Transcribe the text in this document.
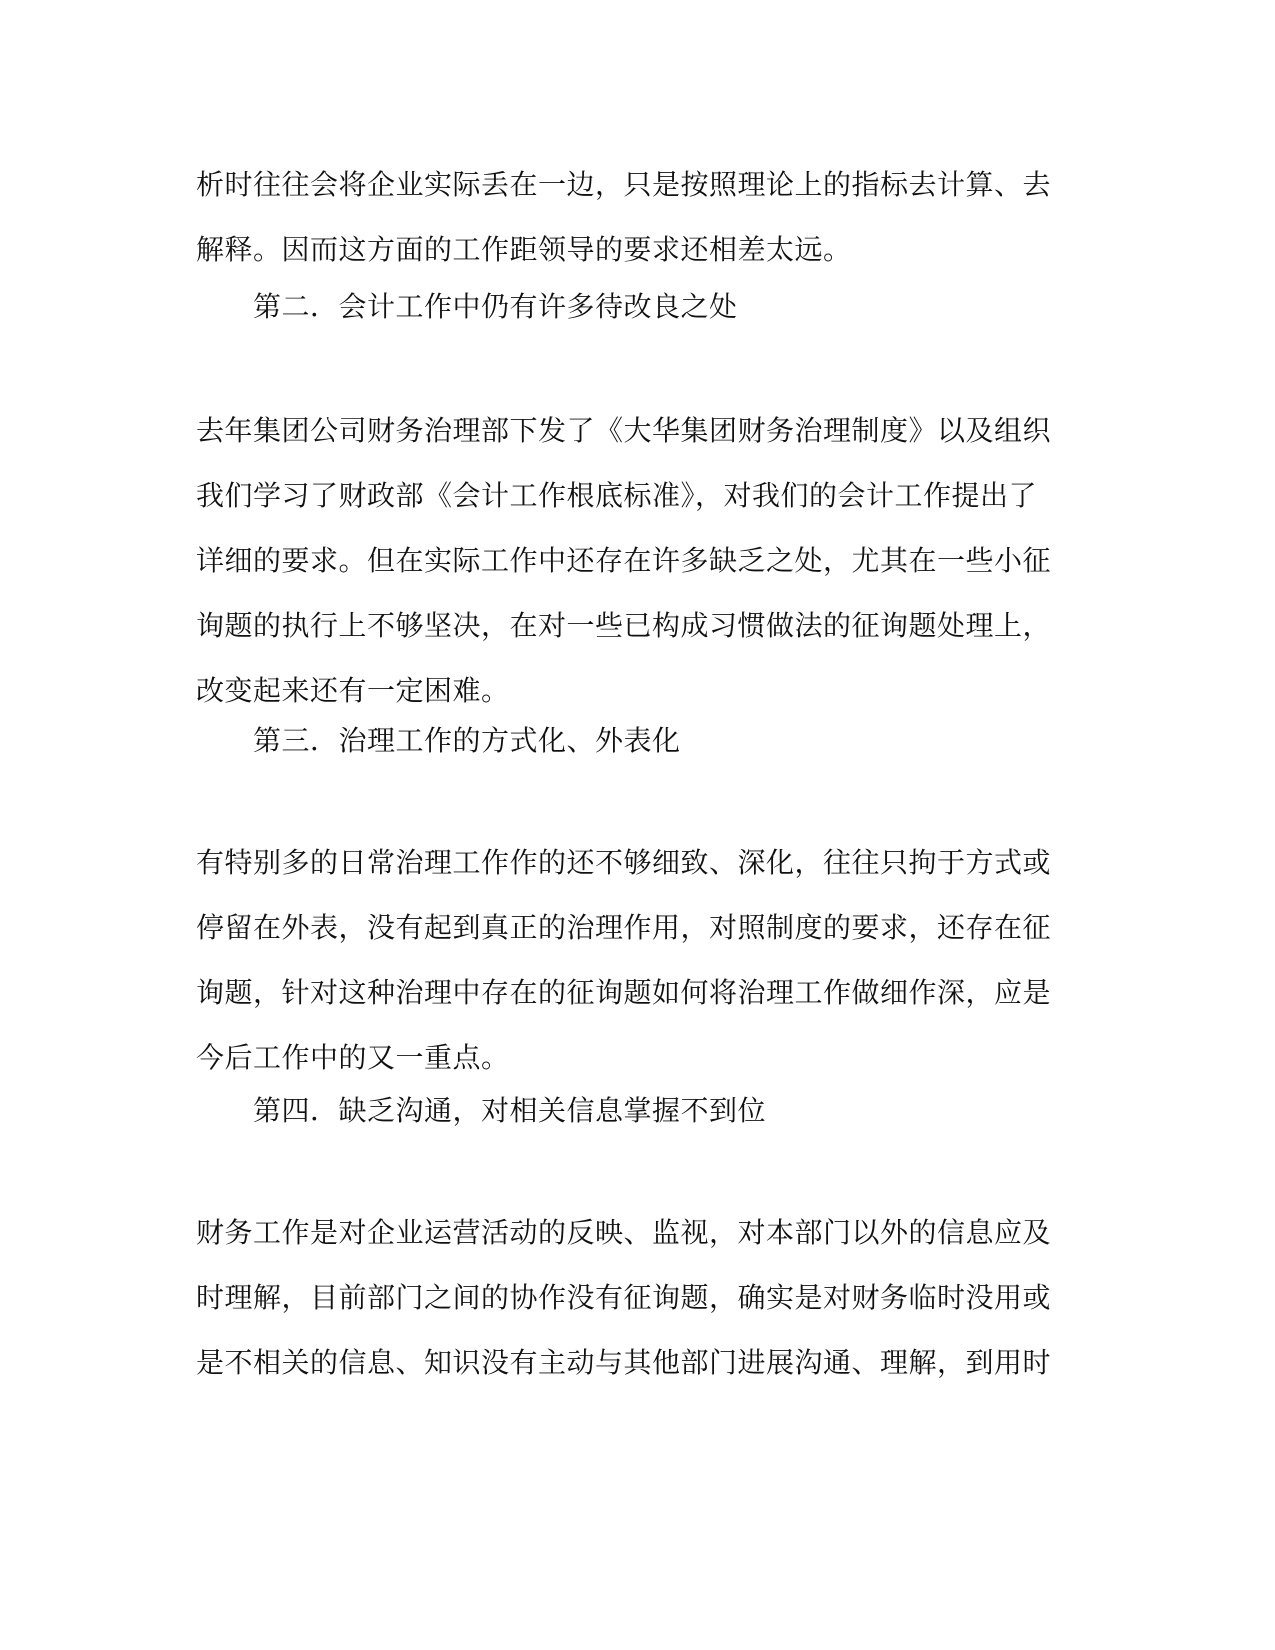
析时往往会将企业实际丢在一边，只是按照理论上的指标去计算、去
解释。因而这方面的工作距领导的要求还相差太远。
第二．会计工作中仍有许多待改良之处
去年集团公司财务治理部下发了《大华集团财务治理制度》以及组织
我们学习了财政部《会计工作根底标准》，对我们的会计工作提出了
详细的要求。但在实际工作中还存在许多缺乏之处，尤其在一些小征
询题的执行上不够坚决，在对一些已构成习惯做法的征询题处理上，
改变起来还有一定困难。
第三．治理工作的方式化、外表化
有特别多的日常治理工作作的还不够细致、深化，往往只拘于方式或
停留在外表，没有起到真正的治理作用，对照制度的要求，还存在征
询题，针对这种治理中存在的征询题如何将治理工作做细作深，应是
今后工作中的又一重点。
第四．缺乏沟通，对相关信息掌握不到位
财务工作是对企业运营活动的反映、监视，对本部门以外的信息应及
时理解，目前部门之间的协作没有征询题，确实是对财务临时没用或
是不相关的信息、知识没有主动与其他部门进展沟通、理解，到用时
